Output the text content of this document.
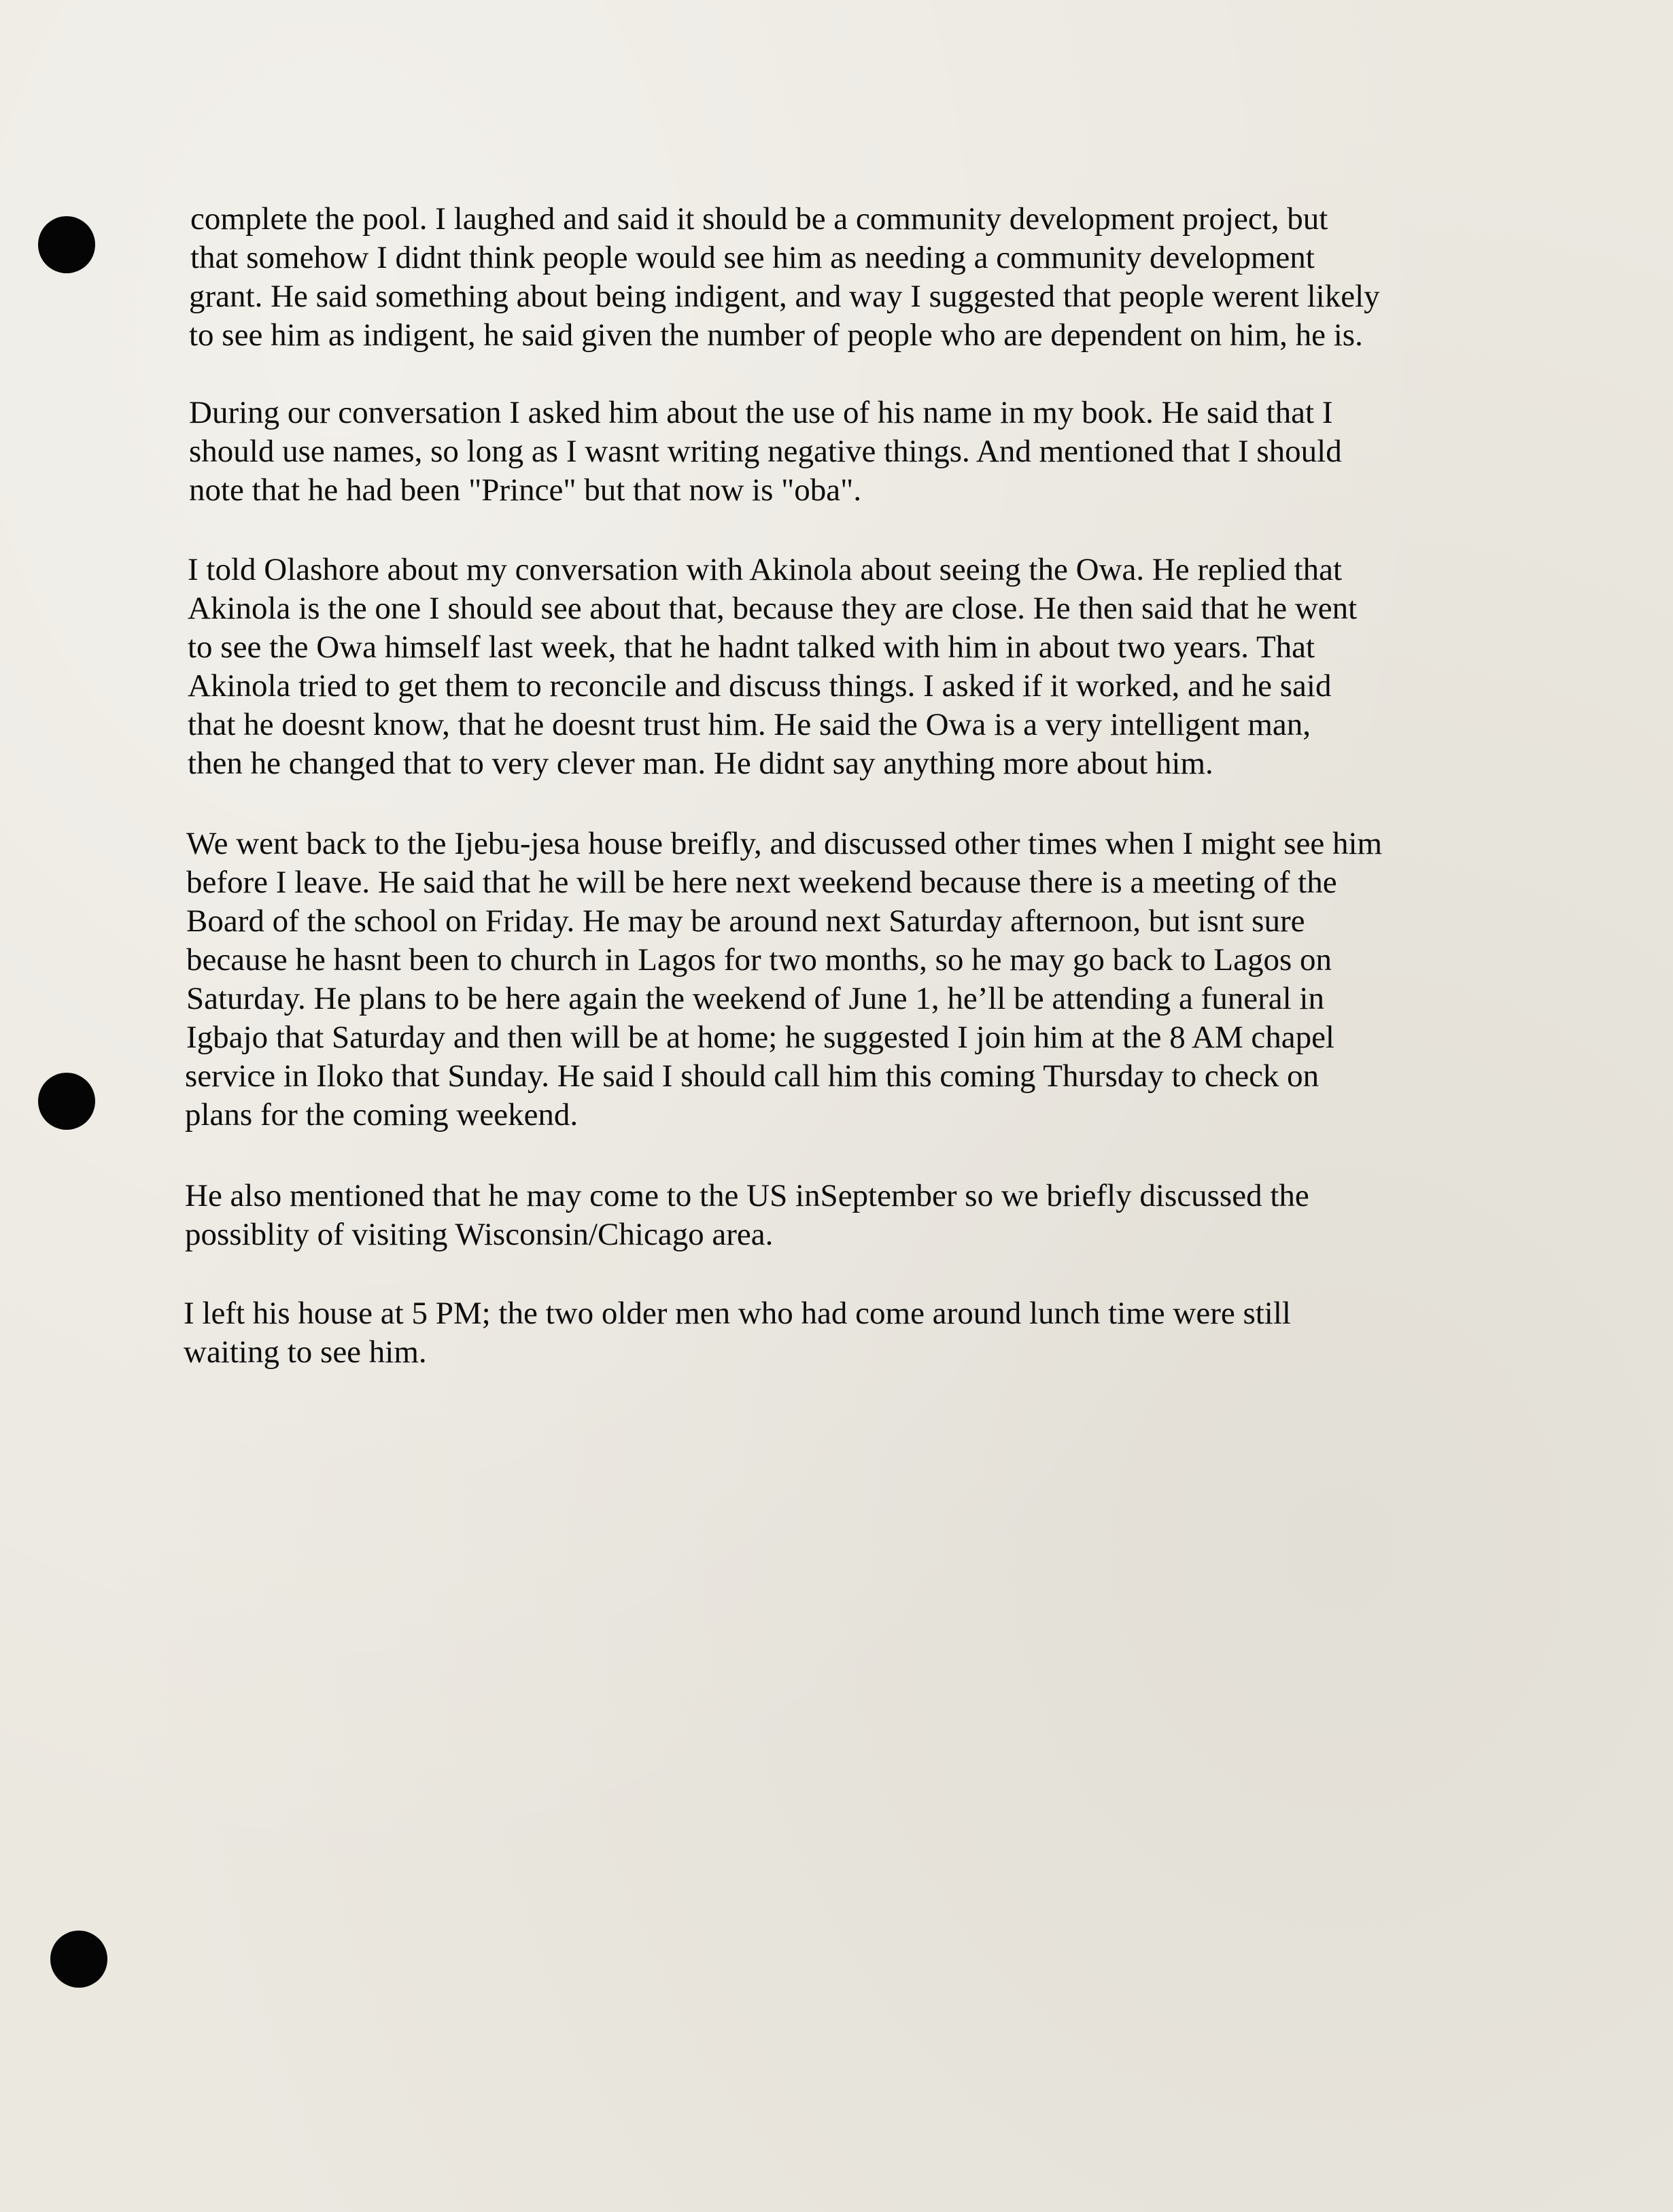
complete the pool. I laughed and said it should be a community development project, but
that somehow I didnt think people would see him as needing a community development
grant. He said something about being indigent, and way I suggested that people werent likely
to see him as indigent, he said given the number of people who are dependent on him, he is.
During our conversation I asked him about the use of his name in my book. He said that I
should use names, so long as I wasnt writing negative things. And mentioned that I should
note that he had been "Prince" but that now is "oba".
I told Olashore about my conversation with Akinola about seeing the Owa. He replied that
Akinola is the one I should see about that, because they are close. He then said that he went
to see the Owa himself last week, that he hadnt talked with him in about two years. That
Akinola tried to get them to reconcile and discuss things. I asked if it worked, and he said
that he doesnt know, that he doesnt trust him. He said the Owa is a very intelligent man,
then he changed that to very clever man. He didnt say anything more about him.
We went back to the Ijebu-jesa house breifly, and discussed other times when I might see him
before I leave. He said that he will be here next weekend because there is a meeting of the
Board of the school on Friday. He may be around next Saturday afternoon, but isnt sure
because he hasnt been to church in Lagos for two months, so he may go back to Lagos on
Saturday. He plans to be here again the weekend of June 1, he’ll be attending a funeral in
Igbajo that Saturday and then will be at home; he suggested I join him at the 8 AM chapel
service in Iloko that Sunday. He said I should call him this coming Thursday to check on
plans for the coming weekend.
He also mentioned that he may come to the US inSeptember so we briefly discussed the
possiblity of visiting Wisconsin/Chicago area.
I left his house at 5 PM; the two older men who had come around lunch time were still
waiting to see him.
